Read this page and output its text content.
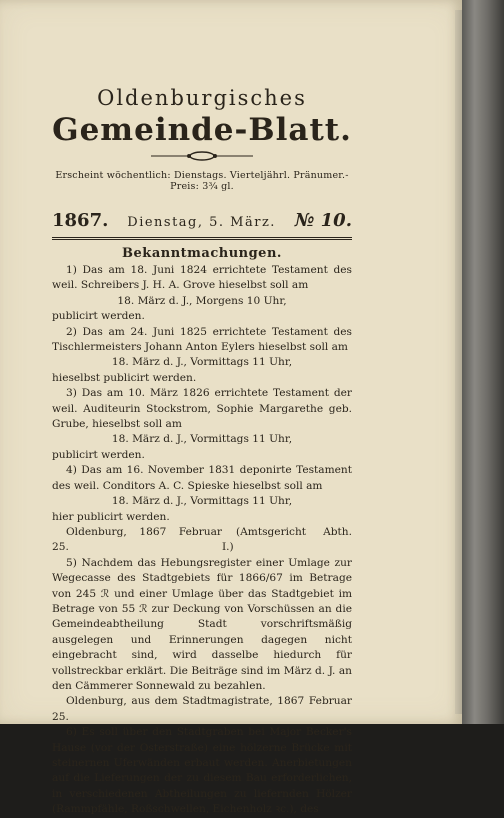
Oldenburgisches
Gemeinde-Blatt.
Erscheint wöchentlich: Dienstags. Vierteljährl. Pränumer.-Preis: 3¾ gl.
1867. Dienstag, 5. März. № 10.
Bekanntmachungen.

1) Das am 18. Juni 1824 errichtete Testament des weil. Schreibers J. H. A. Grove hieselbst soll am

18. März d. J., Morgens 10 Uhr,

publicirt werden.

2) Das am 24. Juni 1825 errichtete Testament des Tischlermeisters Johann Anton Eylers hieselbst soll am

18. März d. J., Vormittags 11 Uhr,

hieselbst publicirt werden.

3) Das am 10. März 1826 errichtete Testament der weil. Auditeurin Stockstrom, Sophie Margarethe geb. Grube, hieselbst soll am

18. März d. J., Vormittags 11 Uhr,

publicirt werden.

4) Das am 16. November 1831 deponirte Testament des weil. Conditors A. C. Spieske hieselbst soll am

18. März d. J., Vormittags 11 Uhr,

hier publicirt werden.

Oldenburg, 1867 Februar 25.
(Amtsgericht Abth. I.)

5) Nachdem das Hebungsregister einer Umlage zur Wegecasse des Stadtgebiets für 1866/67 im Betrage von 245 ℛ und einer Umlage über das Stadtgebiet im Betrage von 55 ℛ zur Deckung von Vorschüssen an die Gemeindeabtheilung Stadt vorschriftsmäßig ausgelegen und Erinnerungen dagegen nicht eingebracht sind, wird dasselbe hiedurch für vollstreckbar erklärt. Die Beiträge sind im März d. J. an den Cämmerer Sonnewald zu bezahlen.

Oldenburg, aus dem Stadtmagistrate, 1867 Februar 25.

6) Es soll über den Stadtgraben bei Major Becker's Hause (vor der Osterstraße) eine hölzerne Brücke mit steinernen Uferwänden erbaut werden. Anerbietungen auf die Lieferungen der zu diesem Bau erforderlichen, in verschiedenen Abtheilungen zu liefernden Hölzer (Rammpfähle, Roßschwellen, Eichenholz ꝛc.), des
